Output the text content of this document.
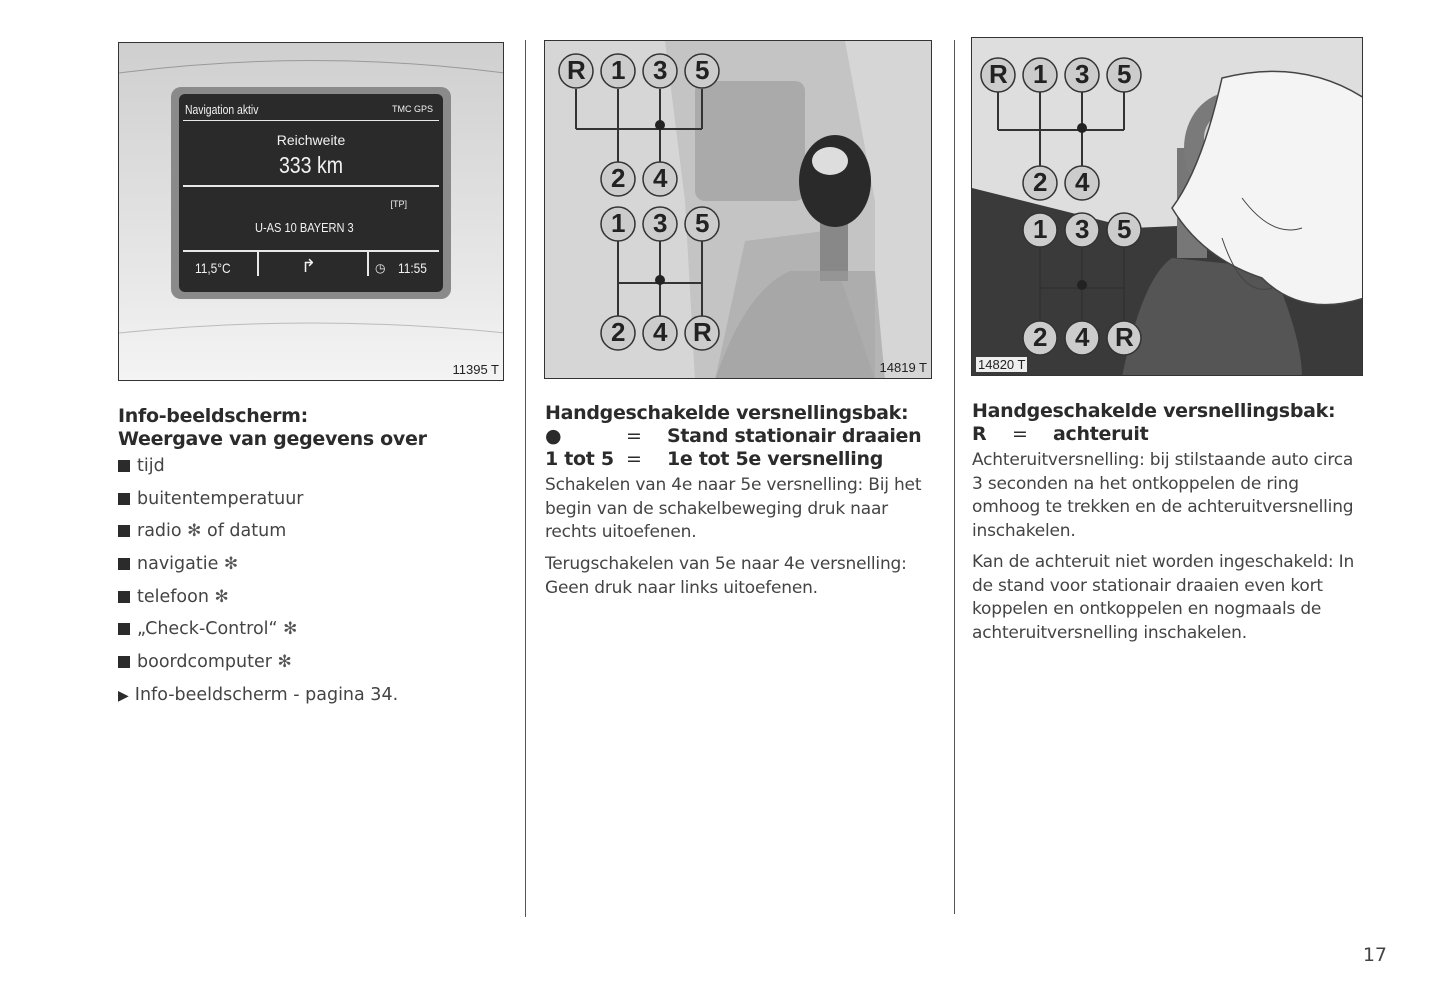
Navigation aktiv	TMC GPS
Reichweite
333 km
[TP]
U-AS 10 BAYERN 3
11,5°C	↱	◷ 11:55
11395 T
Info-beeldscherm:
Weergave van gegevens over
tijd
buitentemperatuur
radio ✻ of datum
navigatie ✻
telefoon ✻
„Check-Control“ ✻
boordcomputer ✻
▶ Info-beeldscherm - pagina 34.
R 1 3 5
2 4
1 3 5
2 4 R
14819 T
Handgeschakelde versnellingsbak:
●	= Stand stationair draaien
1 tot 5 = 1e tot 5e versnelling
Schakelen van 4e naar 5e versnelling: Bij het begin van de schakelbeweging druk naar rechts uitoefenen.
Terugschakelen van 5e naar 4e versnelling: Geen druk naar links uitoefenen.
R 1 3 5
2 4
1 3 5
2 4 R
14820 T
Handgeschakelde versnellingsbak:
R = achteruit
Achteruitversnelling: bij stilstaande auto circa 3 seconden na het ontkoppelen de ring omhoog te trekken en de achteruitversnelling inschakelen.
Kan de achteruit niet worden ingeschakeld: In de stand voor stationair draaien even kort koppelen en ontkoppelen en nogmaals de achteruitversnelling inschakelen.
17
